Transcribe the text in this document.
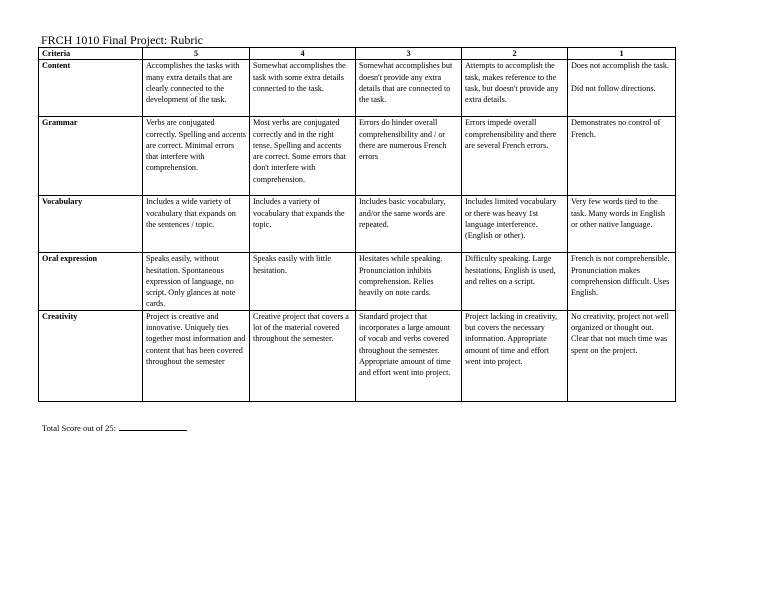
FRCH 1010 Final Project: Rubric
Criteria	5	4	3	2	1
Content	Accomplishes the tasks with many extra details that are clearly connected to the development of the task.	Somewhat accomplishes the task with some extra details connected to the task.	Somewhat accomplishes but doesn't provide any extra details that are connected to the task.	Attempts to accomplish the task, makes reference to the task, but doesn't provide any extra details.	Does not accomplish the task.
Did not follow directions.

Grammar	Verbs are conjugated correctly. Spelling and accents are correct. Minimal errors that interfere with comprehension.	Most verbs are conjugated correctly and in the right tense. Spelling and accents are correct. Some errors that don't interfere with comprehension.	Errors do hinder overall comprehensibility and / or there are numerous French errors	Errors impede overall comprehensibility and there are several French errors.	Demonstrates no control of French.
Vocabulary	Includes a wide variety of vocabulary that expands on the sentences / topic.	Includes a variety of vocabulary that expands the topic.	Includes basic vocabulary, and/or the same words are repeated.	Includes limited vocabulary or there was heavy 1st language interference. (English or other).	Very few words tied to the task. Many words in English or other native language.
Oral expression	Speaks easily, without hesitation. Spontaneous expression of language, no script. Only glances at note cards.	Speaks easily with little hesitation.	Hesitates while speaking. Pronunciation inhibits comprehension. Relies heavily on note cards.	Difficulty speaking. Large hesitations, English is used, and relies on a script.	French is not comprehensible. Pronunciation makes comprehension difficult. Uses English.
Creativity	Project is creative and innovative. Uniquely ties together most information and content that has been covered throughout the semester	Creative project that covers a lot of the material covered throughout the semester.	Standard project that incorporates a large amount of vocab and verbs covered throughout the semester. Appropriate amount of time and effort went into project.	Project lacking in creativity, but covers the necessary information. Appropriate amount of time and effort went into project.	No creativity, project not well organized or thought out. Clear that not much time was spent on the project.
Total Score out of 25:
